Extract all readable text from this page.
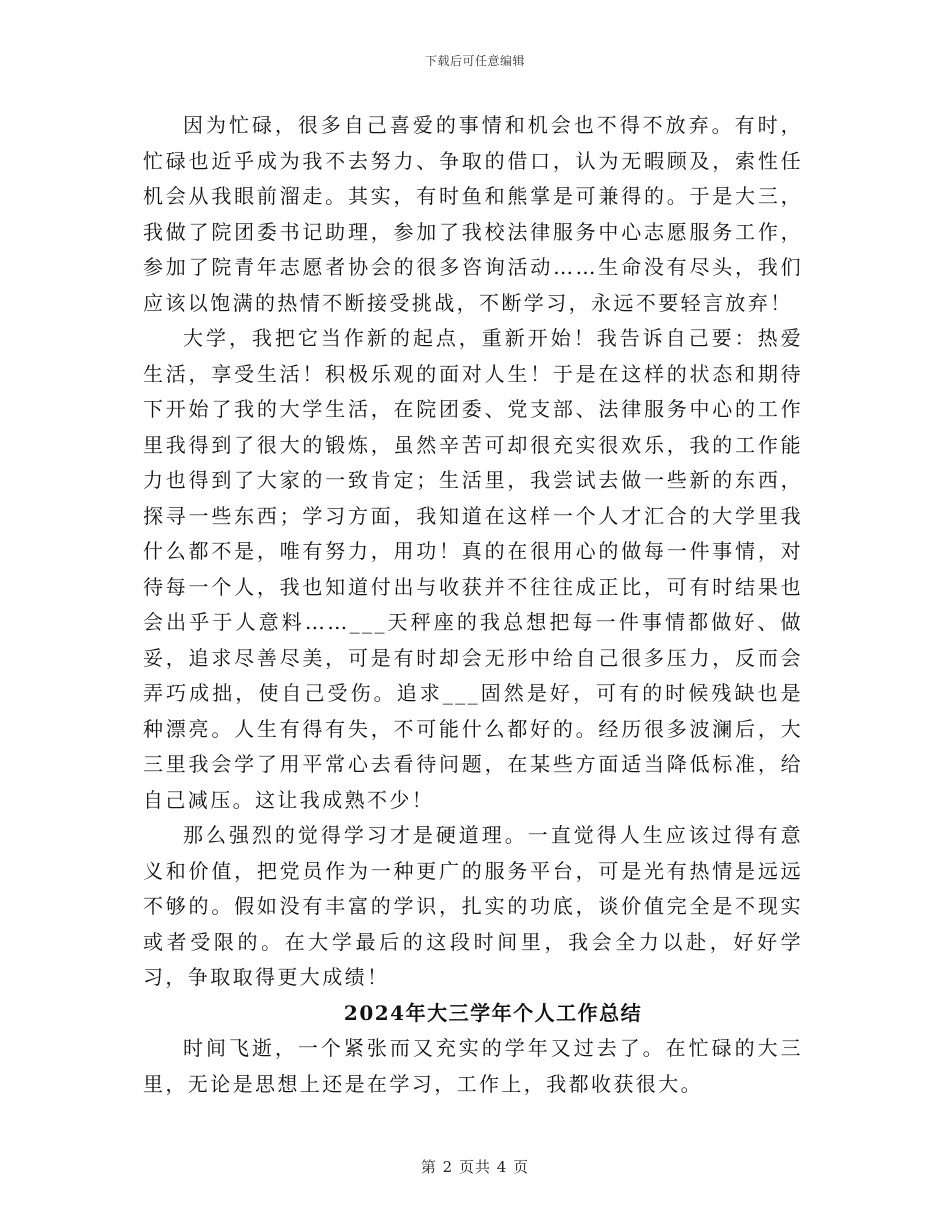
下载后可任意编辑

因为忙碌，很多自己喜爱的事情和机会也不得不放弃。有时，忙碌也近乎成为我不去努力、争取的借口，认为无暇顾及，索性任机会从我眼前溜走。其实，有时鱼和熊掌是可兼得的。于是大三，我做了院团委书记助理，参加了我校法律服务中心志愿服务工作，参加了院青年志愿者协会的很多咨询活动……生命没有尽头，我们应该以饱满的热情不断接受挑战，不断学习，永远不要轻言放弃！

大学，我把它当作新的起点，重新开始！我告诉自己要：热爱生活，享受生活！积极乐观的面对人生！于是在这样的状态和期待下开始了我的大学生活，在院团委、党支部、法律服务中心的工作里我得到了很大的锻炼，虽然辛苦可却很充实很欢乐，我的工作能力也得到了大家的一致肯定；生活里，我尝试去做一些新的东西，探寻一些东西；学习方面，我知道在这样一个人才汇合的大学里我什么都不是，唯有努力，用功！真的在很用心的做每一件事情，对待每一个人，我也知道付出与收获并不往往成正比，可有时结果也会出乎于人意料……___天秤座的我总想把每一件事情都做好、做妥，追求尽善尽美，可是有时却会无形中给自己很多压力，反而会弄巧成拙，使自己受伤。追求___固然是好，可有的时候残缺也是种漂亮。人生有得有失，不可能什么都好的。经历很多波澜后，大三里我会学了用平常心去看待问题，在某些方面适当降低标准，给自己减压。这让我成熟不少！

那么强烈的觉得学习才是硬道理。一直觉得人生应该过得有意义和价值，把党员作为一种更广的服务平台，可是光有热情是远远不够的。假如没有丰富的学识，扎实的功底，谈价值完全是不现实或者受限的。在大学最后的这段时间里，我会全力以赴，好好学习，争取取得更大成绩！

2024年大三学年个人工作总结

时间飞逝，一个紧张而又充实的学年又过去了。在忙碌的大三里，无论是思想上还是在学习，工作上，我都收获很大。

第 2 页共 4 页
